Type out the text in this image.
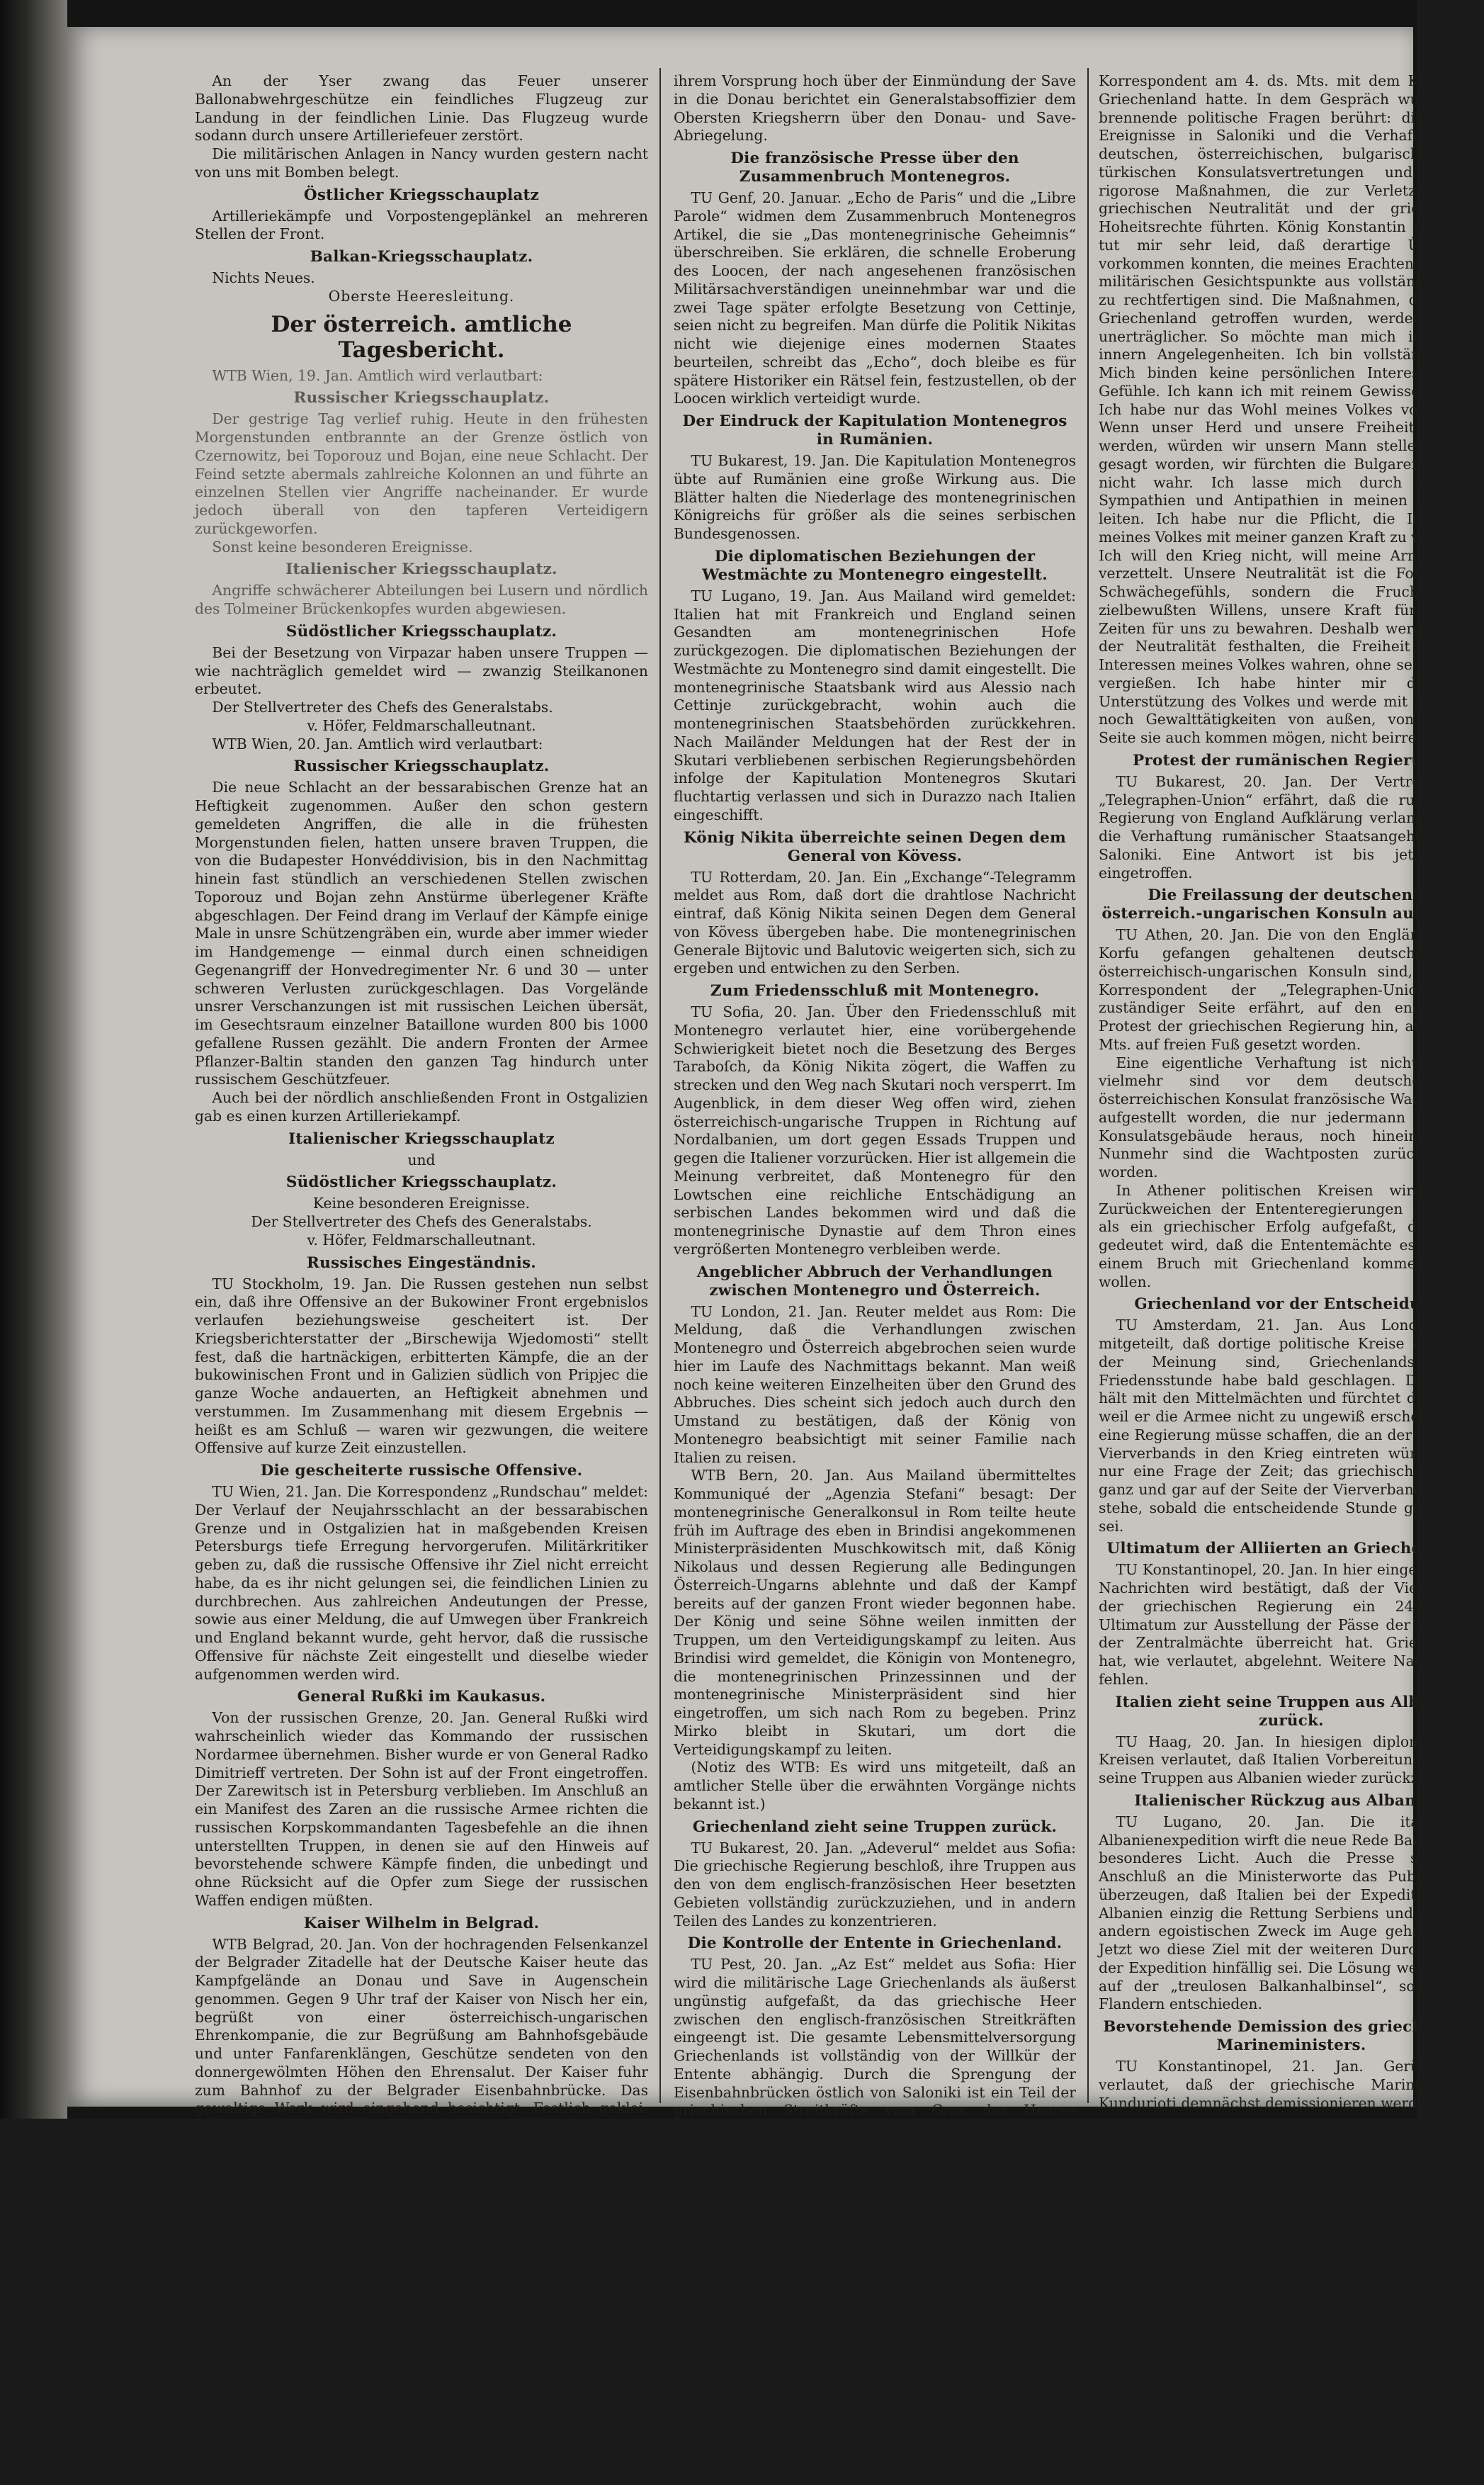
An der Yser zwang das Feuer unserer Ballonabwehrgeschütze ein feindliches Flugzeug zur Landung in der feindlichen Linie. Das Flugzeug wurde sodann durch unsere Artilleriefeuer zerstört.

Die militärischen Anlagen in Nancy wurden gestern nacht von uns mit Bomben belegt.

Östlicher Kriegsschauplatz

Artilleriekämpfe und Vorpostengeplänkel an mehreren Stellen der Front.

Balkan-Kriegsschauplatz.

Nichts Neues.

Oberste Heeresleitung.

Der österreich. amtliche Tagesbericht.

WTB Wien, 19. Jan. Amtlich wird verlautbart:

Russischer Kriegsschauplatz.

Der gestrige Tag verlief ruhig. Heute in den frühesten Morgenstunden entbrannte an der Grenze östlich von Czernowitz, bei Toporouz und Bojan, eine neue Schlacht. Der Feind setzte abermals zahlreiche Kolonnen an und führte an einzelnen Stellen vier Angriffe nacheinander. Er wurde jedoch überall von den tapferen Verteidigern zurückgeworfen.

Sonst keine besonderen Ereignisse.

Italienischer Kriegsschauplatz.

Angriffe schwächerer Abteilungen bei Lusern und nördlich des Tolmeiner Brückenkopfes wurden abgewiesen.

Südöstlicher Kriegsschauplatz.

Bei der Besetzung von Virpazar haben unsere Truppen — wie nachträglich gemeldet wird — zwanzig Steilkanonen erbeutet.

Der Stellvertreter des Chefs des Generalstabs.

v. Höfer, Feldmarschalleutnant.

WTB Wien, 20. Jan. Amtlich wird verlautbart:

Russischer Kriegsschauplatz.

Die neue Schlacht an der bessarabischen Grenze hat an Heftigkeit zugenommen. Außer den schon gestern gemeldeten Angriffen, die alle in die frühesten Morgenstunden fielen, hatten unsere braven Truppen, die von die Budapester Honvéddivision, bis in den Nachmittag hinein fast stündlich an verschiedenen Stellen zwischen Toporouz und Bojan zehn Anstürme überlegener Kräfte abgeschlagen. Der Feind drang im Verlauf der Kämpfe einige Male in unsre Schützengräben ein, wurde aber immer wieder im Handgemenge — einmal durch einen schneidigen Gegenangriff der Honvedregimenter Nr. 6 und 30 — unter schweren Verlusten zurückgeschlagen. Das Vorgelände unsrer Verschanzungen ist mit russischen Leichen übersät, im Gesechtsraum einzelner Bataillone wurden 800 bis 1000 gefallene Russen gezählt. Die andern Fronten der Armee Pflanzer-Baltin standen den ganzen Tag hindurch unter russischem Geschützfeuer.

Auch bei der nördlich anschließenden Front in Ostgalizien gab es einen kurzen Artilleriekampf.

Italienischer Kriegsschauplatz

und

Südöstlicher Kriegsschauplatz.

Keine besonderen Ereignisse.

Der Stellvertreter des Chefs des Generalstabs.

v. Höfer, Feldmarschalleutnant.

Russisches Eingeständnis.

TU Stockholm, 19. Jan. Die Russen gestehen nun selbst ein, daß ihre Offensive an der Bukowiner Front ergebnislos verlaufen beziehungsweise gescheitert ist. Der Kriegsberichterstatter der „Birschewija Wjedomosti“ stellt fest, daß die hartnäckigen, erbitterten Kämpfe, die an der bukowinischen Front und in Galizien südlich von Pripjec die ganze Woche andauerten, an Heftigkeit abnehmen und verstummen. Im Zusammenhang mit diesem Ergebnis — heißt es am Schluß — waren wir gezwungen, die weitere Offensive auf kurze Zeit einzustellen.

Die gescheiterte russische Offensive.

TU Wien, 21. Jan. Die Korrespondenz „Rundschau“ meldet: Der Verlauf der Neujahrsschlacht an der bessarabischen Grenze und in Ostgalizien hat in maßgebenden Kreisen Petersburgs tiefe Erregung hervorgerufen. Militärkritiker geben zu, daß die russische Offensive ihr Ziel nicht erreicht habe, da es ihr nicht gelungen sei, die feindlichen Linien zu durchbrechen. Aus zahlreichen Andeutungen der Presse, sowie aus einer Meldung, die auf Umwegen über Frankreich und England bekannt wurde, geht hervor, daß die russische Offensive für nächste Zeit eingestellt und dieselbe wieder aufgenommen werden wird.

General Rußki im Kaukasus.

Von der russischen Grenze, 20. Jan. General Rußki wird wahrscheinlich wieder das Kommando der russischen Nordarmee übernehmen. Bisher wurde er von General Radko Dimitrieff vertreten. Der Sohn ist auf der Front eingetroffen. Der Zarewitsch ist in Petersburg verblieben. Im Anschluß an ein Manifest des Zaren an die russische Armee richten die russischen Korpskommandanten Tagesbefehle an die ihnen unterstellten Truppen, in denen sie auf den Hinweis auf bevorstehende schwere Kämpfe finden, die unbedingt und ohne Rücksicht auf die Opfer zum Siege der russischen Waffen endigen müßten.

Kaiser Wilhelm in Belgrad.

WTB Belgrad, 20. Jan. Von der hochragenden Felsenkanzel der Belgrader Zitadelle hat der Deutsche Kaiser heute das Kampfgelände an Donau und Save in Augenschein genommen. Gegen 9 Uhr traf der Kaiser von Nisch her ein, begrüßt von einer österreichisch-ungarischen Ehrenkompanie, die zur Begrüßung am Bahnhofsgebäude und unter Fanfarenklängen, Geschütze sendeten von den donnergewölmten Höhen den Ehrensalut. Der Kaiser fuhr zum Bahnhof zu der Belgrader Eisenbahnbrücke. Das gewaltige Werk wird eingehend besichtigt. Festlich geklei-detes Publikum geht ungehindert durch die Straße. Auf

ihrem Vorsprung hoch über der Einmündung der Save in die Donau berichtet ein Generalstabsoffizier dem Obersten Kriegsherrn über den Donau- und Save-Abriegelung.

Die französische Presse über den Zusammenbruch Montenegros.

TU Genf, 20. Januar. „Echo de Paris“ und die „Libre Parole“ widmen dem Zusammenbruch Montenegros Artikel, die sie „Das montenegrinische Geheimnis“ überschreiben. Sie erklären, die schnelle Eroberung des Loocen, der nach angesehenen französischen Militärsachverständigen uneinnehmbar war und die zwei Tage später erfolgte Besetzung von Cettinje, seien nicht zu begreifen. Man dürfe die Politik Nikitas nicht wie diejenige eines modernen Staates beurteilen, schreibt das „Echo“, doch bleibe es für spätere Historiker ein Rätsel fein, festzustellen, ob der Loocen wirklich verteidigt wurde.

Der Eindruck der Kapitulation Montenegros in Rumänien.

TU Bukarest, 19. Jan. Die Kapitulation Montenegros übte auf Rumänien eine große Wirkung aus. Die Blätter halten die Niederlage des montenegrinischen Königreichs für größer als die seines serbischen Bundesgenossen.

Die diplomatischen Beziehungen der Westmächte zu Montenegro eingestellt.

TU Lugano, 19. Jan. Aus Mailand wird gemeldet: Italien hat mit Frankreich und England seinen Gesandten am montenegrinischen Hofe zurückgezogen. Die diplomatischen Beziehungen der Westmächte zu Montenegro sind damit eingestellt. Die montenegrinische Staatsbank wird aus Alessio nach Cettinje zurückgebracht, wohin auch die montenegrinischen Staatsbehörden zurückkehren. Nach Mailänder Meldungen hat der Rest der in Skutari verbliebenen serbischen Regierungsbehörden infolge der Kapitulation Montenegros Skutari fluchtartig verlassen und sich in Durazzo nach Italien eingeschifft.

König Nikita überreichte seinen Degen dem General von Kövess.

TU Rotterdam, 20. Jan. Ein „Exchange“-Telegramm meldet aus Rom, daß dort die drahtlose Nachricht eintraf, daß König Nikita seinen Degen dem General von Kövess übergeben habe. Die montenegrinischen Generale Bijtovic und Balutovic weigerten sich, sich zu ergeben und entwichen zu den Serben.

Zum Friedensschluß mit Montenegro.

TU Sofia, 20. Jan. Über den Friedensschluß mit Montenegro verlautet hier, eine vorübergehende Schwierigkeit bietet noch die Besetzung des Berges Taraboſch, da König Nikita zögert, die Waffen zu strecken und den Weg nach Skutari noch versperrt. Im Augenblick, in dem dieser Weg offen wird, ziehen österreichisch-ungarische Truppen in Richtung auf Nordalbanien, um dort gegen Essads Truppen und gegen die Italiener vorzurücken. Hier ist allgemein die Meinung verbreitet, daß Montenegro für den Lowtschen eine reichliche Entschädigung an serbischen Landes bekommen wird und daß die montenegrinische Dynastie auf dem Thron eines vergrößerten Montenegro verbleiben werde.

Angeblicher Abbruch der Verhandlungen zwischen Montenegro und Österreich.

TU London, 21. Jan. Reuter meldet aus Rom: Die Meldung, daß die Verhandlungen zwischen Montenegro und Österreich abgebrochen seien wurde hier im Laufe des Nachmittags bekannt. Man weiß noch keine weiteren Einzelheiten über den Grund des Abbruches. Dies scheint sich jedoch auch durch den Umstand zu bestätigen, daß der König von Montenegro beabsichtigt mit seiner Familie nach Italien zu reisen.

WTB Bern, 20. Jan. Aus Mailand übermitteltes Kommuniqué der „Agenzia Stefani“ besagt: Der montenegrinische Generalkonsul in Rom teilte heute früh im Auftrage des eben in Brindisi angekommenen Ministerpräsidenten Muschkowitsch mit, daß König Nikolaus und dessen Regierung alle Bedingungen Österreich-Ungarns ablehnte und daß der Kampf bereits auf der ganzen Front wieder begonnen habe. Der König und seine Söhne weilen inmitten der Truppen, um den Verteidigungskampf zu leiten. Aus Brindisi wird gemeldet, die Königin von Montenegro, die montenegrinischen Prinzessinnen und der montenegrinische Ministerpräsident sind hier eingetroffen, um sich nach Rom zu begeben. Prinz Mirko bleibt in Skutari, um dort die Verteidigungskampf zu leiten.

(Notiz des WTB: Es wird uns mitgeteilt, daß an amtlicher Stelle über die erwähnten Vorgänge nichts bekannt ist.)

Griechenland zieht seine Truppen zurück.

TU Bukarest, 20. Jan. „Adeverul“ meldet aus Sofia: Die griechische Regierung beschloß, ihre Truppen aus den von dem englisch-französischen Heer besetzten Gebieten vollständig zurückzuziehen, und in andern Teilen des Landes zu konzentrieren.

Die Kontrolle der Entente in Griechenland.

TU Pest, 20. Jan. „Az Est“ meldet aus Sofia: Hier wird die militärische Lage Griechenlands als äußerst ungünstig aufgefaßt, da das griechische Heer zwischen den englisch-französischen Streitkräften eingeengt ist. Die gesamte Lebensmittelversorgung Griechenlands ist vollständig von der Willkür der Entente abhängig. Durch die Sprengung der Eisenbahnbrücken östlich von Saloniki ist ein Teil der griechischen Streitkräfte vom Gros des Heeres abgeschnitten. Die Entente übt in allen griechischen Häfen eine Kontrolle über die Menge der eingeführten Lebensmitteln aus. Die Menge, die eingeführt werden darf, reicht lediglich nur für eine tägliche Verpflegung der Bevölkerung aus. In Saloniki hat die Frage in den letzten Ereignissen von Bedeutung ergriffen.

Eine Unterredung mit König Konstantin.

TU Berlin, 19. Jan. Der „Berliner Lokal-Anzeiger veröffentlicht eine Unterredung, die sein Athener

Korrespondent am 4. ds. Mts. mit dem König von Griechenland hatte. In dem Gespräch wurden die brennende politische Fragen berührt: die letzten Ereignisse in Saloniki und die Verhaftung der deutschen, österreichischen, bulgarischen und türkischen Konsulatsvertretungen und andere rigorose Maßnahmen, die zur Verletzung der griechischen Neutralität und der griechischen Hoheitsrechte führten. König Konstantin sagte: Es tut mir sehr leid, daß derartige Übergriffe vorkommen konnten, die meines Erachtens nur aus militärischen Gesichtspunkte aus vollständig nicht zu rechtfertigen sind. Die Maßnahmen, die gegen Griechenland getroffen wurden, werden immer unerträglicher. So möchte man mich in unsere innern Angelegenheiten. Ich bin vollständig frei. Mich binden keine persönlichen Interessen und Gefühle. Ich kann ich mit reinem Gewissen sagen: Ich habe nur das Wohl meines Volkes vor Augen. Wenn unser Herd und unsere Freiheit bedroht werden, würden wir unsern Mann stellen. Es ist gesagt worden, wir fürchten die Bulgaren; das ist nicht wahr. Ich lasse mich durch keinerlei Sympathien und Antipathien in meinen Gefühlen leiten. Ich habe nur die Pflicht, die Interessen meines Volkes mit meiner ganzen Kraft zu vertreten. Ich will den Krieg nicht, will meine Armee nicht verzettelt. Unsere Neutralität ist die Folge eines Schwächegefühls, sondern die Frucht eines zielbewußten Willens, unsere Kraft für spätere Zeiten für uns zu bewahren. Deshalb werde ich an der Neutralität festhalten, die Freiheit und die Interessen meines Volkes wahren, ohne sein Blut zu vergießen. Ich habe hinter mir die volle Unterstützung des Volkes und werde mit Aufgaben noch Gewalttätigkeiten von außen, von welcher Seite sie auch kommen mögen, nicht beirren lassen.

Protest der rumänischen Regierung.

TU Bukarest, 20. Jan. Der Vertreter der „Telegraphen-Union“ erfährt, daß die rumänische Regierung von England Aufklärung verlangte, über die Verhaftung rumänischer Staatsangehöriger in Saloniki. Eine Antwort ist bis jetzt nicht eingetroffen.

Die Freilassung der deutschen u. österreich.-ungarischen Konsuln auf Korfu.

TU Athen, 20. Jan. Die von den Engländern auf Korfu gefangen gehaltenen deutschen und österreichisch-ungarischen Konsuln sind, wie der Korrespondent der „Telegraphen-Union“ von zuständiger Seite erfährt, auf den energischen Protest der griechischen Regierung hin, am 14. ds. Mts. auf freien Fuß gesetzt worden.

Eine eigentliche Verhaftung ist nicht erfolgt; vielmehr sind vor dem deutschen und österreichischen Konsulat französische Wachtposten aufgestellt worden, die nur jedermann aus dem Konsulatsgebäude heraus, noch hinein ließen. Nunmehr sind die Wachtposten zurückgezogen worden.

In Athener politischen Kreisen wird dieses Zurückweichen der Ententeregierungen allgemein als ein griechischer Erfolg aufgefaßt, der dahin gedeutet wird, daß die Ententemächte es nicht zu einem Bruch mit Griechenland kommen lassen wollen.

Griechenland vor der Entscheidung.

TU Amsterdam, 21. Jan. Aus London wird mitgeteilt, daß dortige politische Kreise allgemein der Meinung sind, Griechenlands letzte Friedensstunde habe bald geschlagen. Der König hält mit den Mittelmächten und fürchtet den Krieg, weil er die Armee nicht zu ungewiß erscheint. Aber eine Regierung müsse schaffen, die an der Seite des Vierverbands in den Krieg eintreten würde, wäre nur eine Frage der Zeit; das griechische Militär, ganz und gar auf der Seite der Vierverbandsmächte stehe, sobald die entscheidende Stunde gekommen sei.

Ultimatum der Alliierten an Griechenland.

TU Konstantinopel, 20. Jan. In hier eingetroffenen Nachrichten wird bestätigt, daß der Vierverband der griechischen Regierung ein 24stündiges Ultimatum zur Ausstellung der Pässe der Vertreter der Zentralmächte überreicht hat. Griechenland hat, wie verlautet, abgelehnt. Weitere Nachrichten fehlen.

Italien zieht seine Truppen aus Albanien zurück.

TU Haag, 20. Jan. In hiesigen diplomatischen Kreisen verlautet, daß Italien Vorbereitungen trifft, seine Truppen aus Albanien wieder zurückzuziehen.

Italienischer Rückzug aus Albanien.

TU Lugano, 20. Jan. Die italienische Albanienexpedition wirft die neue Rede Barzilais ein besonderes Licht. Auch die Presse sucht im Anschluß an die Ministerworte das Publikum zu überzeugen, daß Italien bei der Expedition nach Albanien einzig die Rettung Serbiens und keinerlei andern egoistischen Zweck im Auge gehabt habe. Jetzt wo diese Ziel mit der weiteren Durchführung der Expedition hinfällig sei. Die Lösung werde nicht auf der „treulosen Balkanhalbinsel“, sondern in Flandern entschieden.

Bevorstehende Demission des griechischen Marineministers.

TU Konstantinopel, 21. Jan. Gerüchtweise verlautet, daß der griechische Marineminister Kundurioti demnächst demissionieren werde.

Eine Ansprache des Königs von Bulgaren bei der Galatafel.

TU Sofia, 20. Jan. Während der Galatafel, die wegen der Anwesenheit Kaiser Wilhelms in Nisch am 18. Januar abgehalten wurde, hielt der König von Bulgarien eine Ansprache, in der er sagte: Die Welt blickt mit Staunen und Bewunderung die Kraft Deutschlands und seiner Verbündeten kennen gelernt und glaubt an die Unbesiegbarkeit des Heeres unter der Leitung und Führung seines Kaisers. Ich erhebe mein Glas auf die kostbare Gesundheit und das fernere Wohlergehen des erlauchten Kriegsherrn des deutschen Heeres, meines mächtigen und ruhmreichen Freundes. Majestät des deutschen Kaisers, daß das Jahr 1916 zu einem dauerhaften Frieden, daß die Frucht unserer Siege bringen möge, einen Frieden, der es meinem Volke gestattet, in Zukunft auch in treuer Mitarbeiter an den Werken der Kultur zu werden. Wenn uns das Schicksal
